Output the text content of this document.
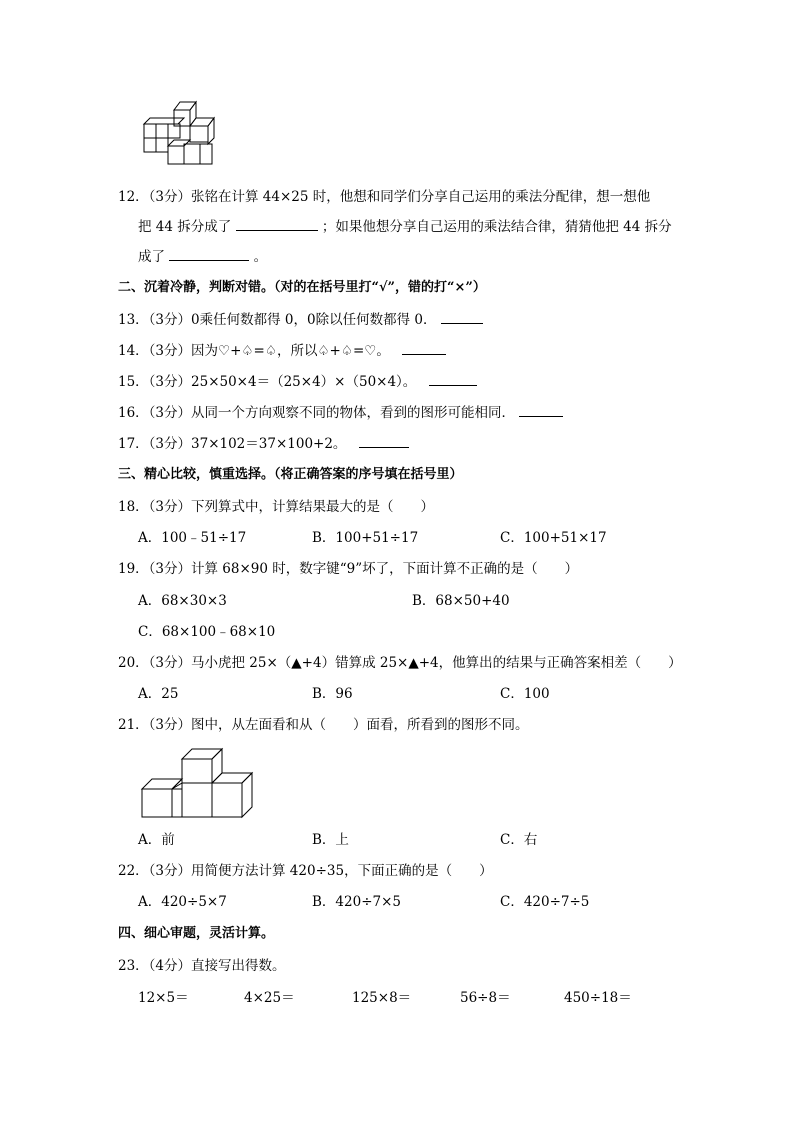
12．（3分）张铭在计算 44×25 时，他想和同学们分享自己运用的乘法分配律，想一想他
把 44 拆分成了	；如果他想分享自己运用的乘法结合律，猜猜他把 44 拆分
成了	。
二、沉着冷静，判断对错。（对的在括号里打“√”，错的打“×”）
13．（3分）0乘任何数都得 0，0除以任何数都得 0．
14．（3分）因为♡+♤=♤，所以♤+♤=♡。
15．（3分）25×50×4＝（25×4）×（50×4）。
16．（3分）从同一个方向观察不同的物体，看到的图形可能相同．
17．（3分）37×102＝37×100+2。
三、精心比较，慎重选择。（将正确答案的序号填在括号里）
18．（3分）下列算式中，计算结果最大的是（　　）
A．100﹣51÷17	B．100+51÷17	C．100+51×17
19．（3分）计算 68×90 时，数字键“9”坏了，下面计算不正确的是（　　）
A．68×30×3	B．68×50+40
C．68×100﹣68×10
20．（3分）马小虎把 25×（▲+4）错算成 25×▲+4，他算出的结果与正确答案相差（　　）
A．25	B．96	C．100
21．（3分）图中，从左面看和从（　　）面看，所看到的图形不同。
A．前	B．上	C．右
22．（3分）用简便方法计算 420÷35，下面正确的是（　　）
A．420÷5×7	B．420÷7×5	C．420÷7÷5
四、细心审题，灵活计算。
23．（4分）直接写出得数。
12×5＝	4×25＝	125×8＝	56÷8＝	450÷18＝
